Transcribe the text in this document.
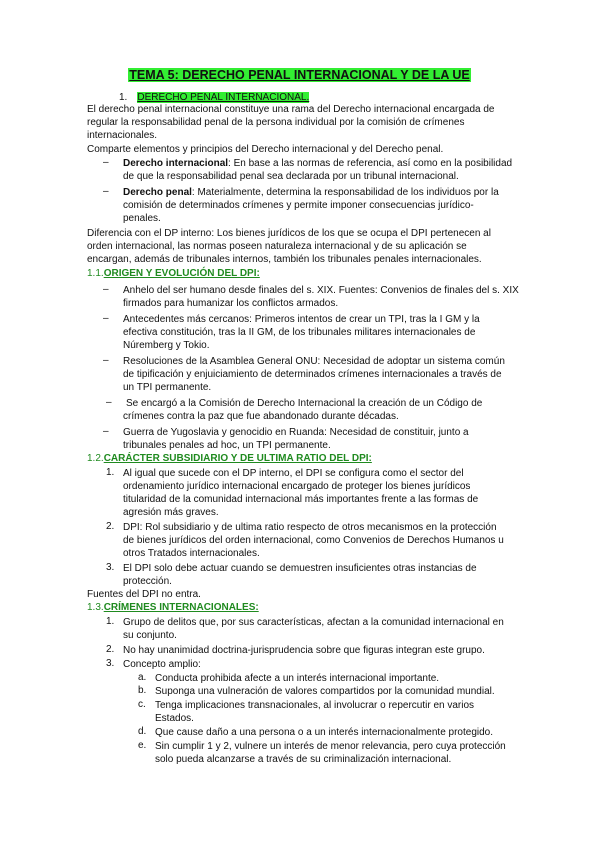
TEMA 5: DERECHO PENAL INTERNACIONAL Y DE LA UE
1. DERECHO PENAL INTERNACIONAL.
El derecho penal internacional constituye una rama del Derecho internacional encargada de
regular la responsabilidad penal de la persona individual por la comisión de crímenes
internacionales.
Comparte elementos y principios del Derecho internacional y del Derecho penal.
– Derecho internacional: En base a las normas de referencia, así como en la posibilidad
de que la responsabilidad penal sea declarada por un tribunal internacional.
– Derecho penal: Materialmente, determina la responsabilidad de los individuos por la
comisión de determinados crímenes y permite imponer consecuencias jurídico-
penales.
Diferencia con el DP interno: Los bienes jurídicos de los que se ocupa el DPI pertenecen al
orden internacional, las normas poseen naturaleza internacional y de su aplicación se
encargan, además de tribunales internos, también los tribunales penales internacionales.
1.1.ORIGEN Y EVOLUCIÓN DEL DPI:
– Anhelo del ser humano desde finales del s. XIX. Fuentes: Convenios de finales del s. XIX
firmados para humanizar los conflictos armados.
– Antecedentes más cercanos: Primeros intentos de crear un TPI, tras la I GM y la
efectiva constitución, tras la II GM, de los tribunales militares internacionales de
Núremberg y Tokio.
– Resoluciones de la Asamblea General ONU: Necesidad de adoptar un sistema común
de tipificación y enjuiciamiento de determinados crímenes internacionales a través de
un TPI permanente.
– Se encargó a la Comisión de Derecho Internacional la creación de un Código de
crímenes contra la paz que fue abandonado durante décadas.
– Guerra de Yugoslavia y genocidio en Ruanda: Necesidad de constituir, junto a
tribunales penales ad hoc, un TPI permanente.
1.2.CARÁCTER SUBSIDIARIO Y DE ULTIMA RATIO DEL DPI:
1. Al igual que sucede con el DP interno, el DPI se configura como el sector del
ordenamiento jurídico internacional encargado de proteger los bienes jurídicos
titularidad de la comunidad internacional más importantes frente a las formas de
agresión más graves.
2. DPI: Rol subsidiario y de ultima ratio respecto de otros mecanismos en la protección
de bienes jurídicos del orden internacional, como Convenios de Derechos Humanos u
otros Tratados internacionales.
3. El DPI solo debe actuar cuando se demuestren insuficientes otras instancias de
protección.
Fuentes del DPI no entra.
1.3.CRÍMENES INTERNACIONALES:
1. Grupo de delitos que, por sus características, afectan a la comunidad internacional en
su conjunto.
2. No hay unanimidad doctrina-jurisprudencia sobre que figuras integran este grupo.
3. Concepto amplio:
a. Conducta prohibida afecte a un interés internacional importante.
b. Suponga una vulneración de valores compartidos por la comunidad mundial.
c. Tenga implicaciones transnacionales, al involucrar o repercutir en varios
Estados.
d. Que cause daño a una persona o a un interés internacionalmente protegido.
e. Sin cumplir 1 y 2, vulnere un interés de menor relevancia, pero cuya protección
solo pueda alcanzarse a través de su criminalización internacional.
